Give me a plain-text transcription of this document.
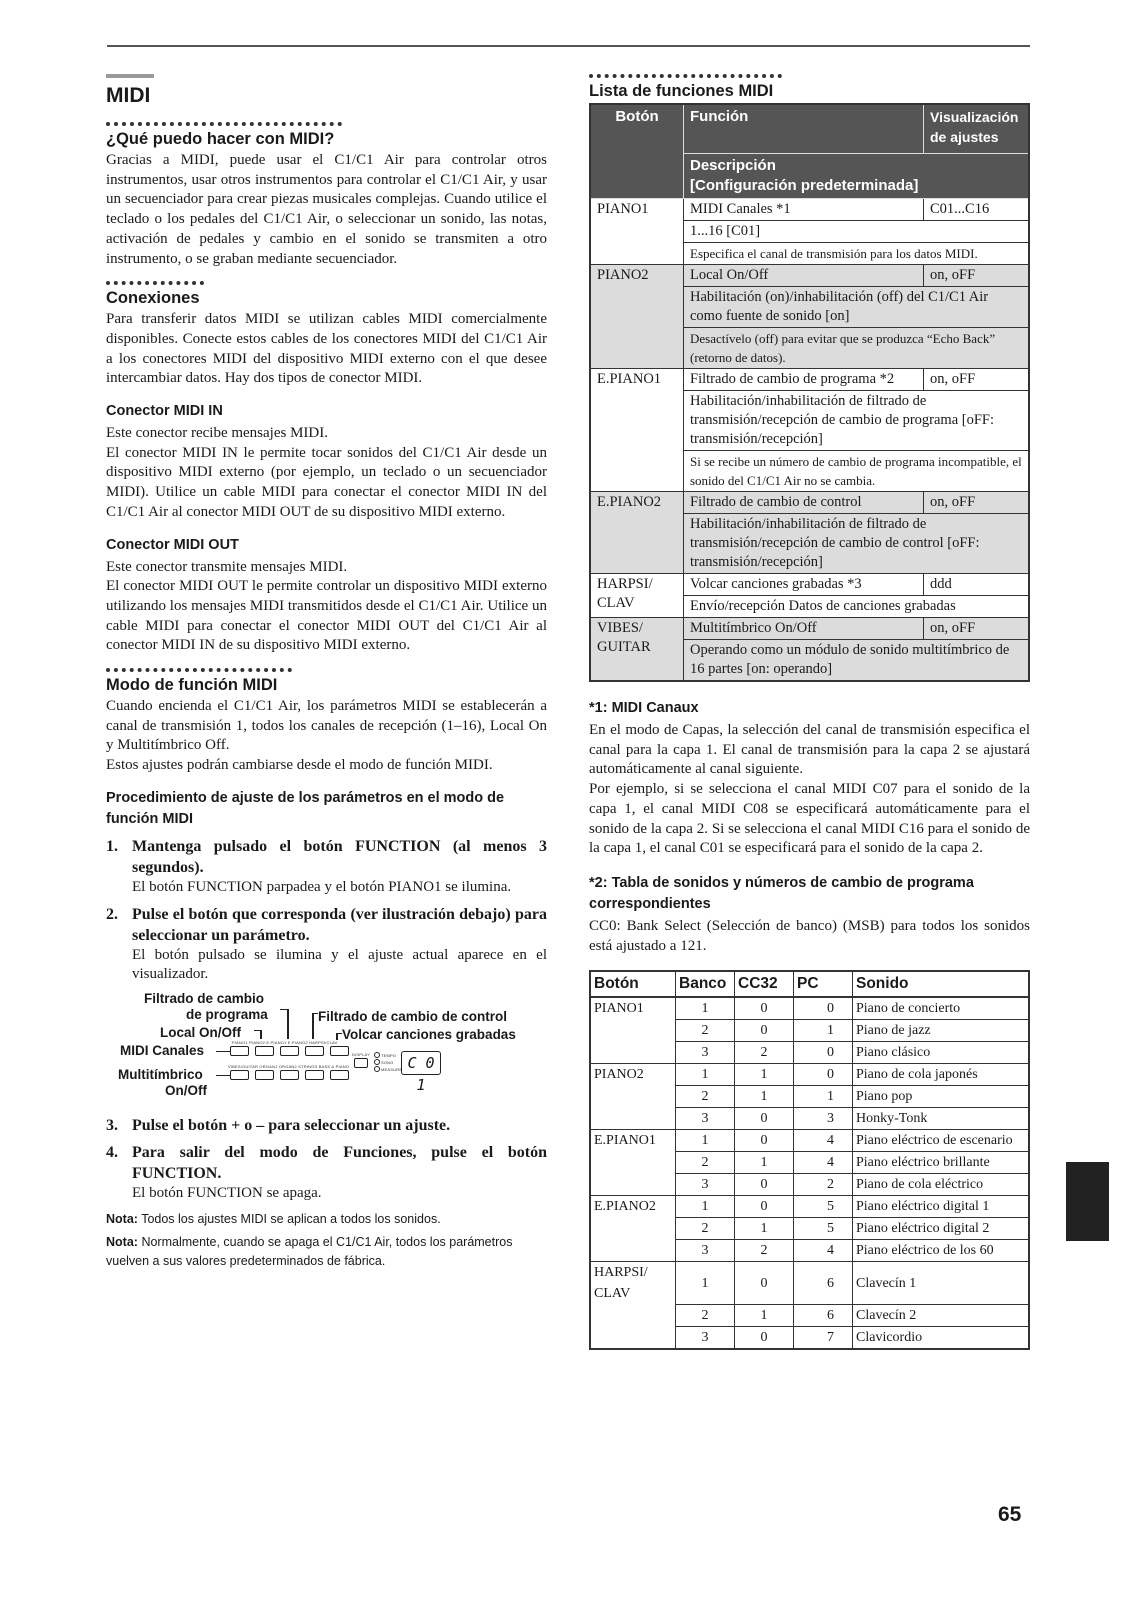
65
MIDI
¿Qué puedo hacer con MIDI?

Gracias a MIDI, puede usar el C1/C1 Air para controlar otros instrumentos, usar otros instrumentos para controlar el C1/C1 Air, y usar un secuenciador para crear piezas musicales complejas. Cuando utilice el teclado o los pedales del C1/C1 Air, o seleccionar un sonido, las notas, activación de pedales y cambio en el sonido se transmiten a otro instrumento, o se graban mediante secuenciador.

Conexiones

Para transferir datos MIDI se utilizan cables MIDI comercialmente disponibles. Conecte estos cables de los conectores MIDI del C1/C1 Air a los conectores MIDI del dispositivo MIDI externo con el que desee intercambiar datos. Hay dos tipos de conector MIDI.

Conector MIDI IN

Este conector recibe mensajes MIDI.

El conector MIDI IN le permite tocar sonidos del C1/C1 Air desde un dispositivo MIDI externo (por ejemplo, un teclado o un secuenciador MIDI). Utilice un cable MIDI para conectar el conector MIDI IN del C1/C1 Air al conector MIDI OUT de su dispositivo MIDI externo.

Conector MIDI OUT

Este conector transmite mensajes MIDI.

El conector MIDI OUT le permite controlar un dispositivo MIDI externo utilizando los mensajes MIDI transmitidos desde el C1/C1 Air. Utilice un cable MIDI para conectar el conector MIDI OUT del C1/C1 Air al conector MIDI IN de su dispositivo MIDI externo.

Modo de función MIDI

Cuando encienda el C1/C1 Air, los parámetros MIDI se establecerán a canal de transmisión 1, todos los canales de recepción (1–16), Local On y Multitímbrico Off.

Estos ajustes podrán cambiarse desde el modo de función MIDI.

Procedimiento de ajuste de los parámetros en el modo de función MIDI
1. Mantenga pulsado el botón FUNCTION (al menos 3 segundos).
El botón FUNCTION parpadea y el botón PIANO1 se ilumina.
2. Pulse el botón que corresponda (ver ilustración debajo) para seleccionar un parámetro.
El botón pulsado se ilumina y el ajuste actual aparece en el visualizador.
Filtrado de cambio
de programa
Local On/Off
MIDI Canales
Multitímbrico
On/Off
Filtrado de cambio de control
Volcar canciones grabadas
PIANO1 PIANO2 E.PIANO1 E.PIANO2 HARPSI/CLAV
VIBES/GUITAR ORGAN1 ORGAN2 STRINGS BASS & PIANO
DISPLAY	TEMPO
SONG
MEASURE C 0 1
3. Pulse el botón + o – para seleccionar un ajuste.
4. Para salir del modo de Funciones, pulse el botón FUNCTION.
El botón FUNCTION se apaga.
Nota: Todos los ajustes MIDI se aplican a todos los sonidos.
Nota: Normalmente, cuando se apaga el C1/C1 Air, todos los parámetros vuelven a sus valores predeterminados de fábrica.
Lista de funciones MIDI
Botón	Función	Visualización de ajustes

	Descripción
[Configuración predeterminada]	

PIANO1	MIDI Canales *1	C01...C16
	1...16 [C01]	
	Especifica el canal de transmisión para los datos MIDI.	
PIANO2	Local On/Off	on, oFF
	Habilitación (on)/inhabilitación (off) del C1/C1 Air como fuente de sonido [on]	
	Desactívelo (off) para evitar que se produzca “Echo Back” (retorno de datos).	
E.PIANO1	Filtrado de cambio de programa *2	on, oFF
	Habilitación/inhabilitación de filtrado de transmisión/recepción de cambio de programa [oFF: transmisión/recepción]	
	Si se recibe un número de cambio de programa incompatible, el sonido del C1/C1 Air no se cambia.	
E.PIANO2	Filtrado de cambio de control	on, oFF
	Habilitación/inhabilitación de filtrado de transmisión/recepción de cambio de control [oFF: transmisión/recepción]	
HARPSI/ CLAV	Volcar canciones grabadas *3	ddd
	Envío/recepción Datos de canciones grabadas	
VIBES/ GUITAR	Multitímbrico On/Off	on, oFF
	Operando como un módulo de sonido multitímbrico de 16 partes [on: operando]	
*1: MIDI Canaux

En el modo de Capas, la selección del canal de transmisión especifica el canal para la capa 1. El canal de transmisión para la capa 2 se ajustará automáticamente al canal siguiente.

Por ejemplo, si se selecciona el canal MIDI C07 para el sonido de la capa 1, el canal MIDI C08 se especificará automáticamente para el sonido de la capa 2. Si se selecciona el canal MIDI C16 para el sonido de la capa 1, el canal C01 se especificará para el sonido de la capa 2.

*2: Tabla de sonidos y números de cambio de programa correspondientes

CC0: Bank Select (Selección de banco) (MSB) para todos los sonidos está ajustado a 121.

Botón	Banco	CC32	PC	Sonido
PIANO1	1	0	0	Piano de concierto
	2	0	1	Piano de jazz
	3	2	0	Piano clásico
PIANO2	1	1	0	Piano de cola japonés
	2	1	1	Piano pop
	3	0	3	Honky-Tonk
E.PIANO1	1	0	4	Piano eléctrico de escenario
	2	1	4	Piano eléctrico brillante
	3	0	2	Piano de cola eléctrico
E.PIANO2	1	0	5	Piano eléctrico digital 1
	2	1	5	Piano eléctrico digital 2
	3	2	4	Piano eléctrico de los 60
HARPSI/ CLAV	1	0	6	Clavecín 1
	2	1	6	Clavecín 2
	3	0	7	Clavicordio
